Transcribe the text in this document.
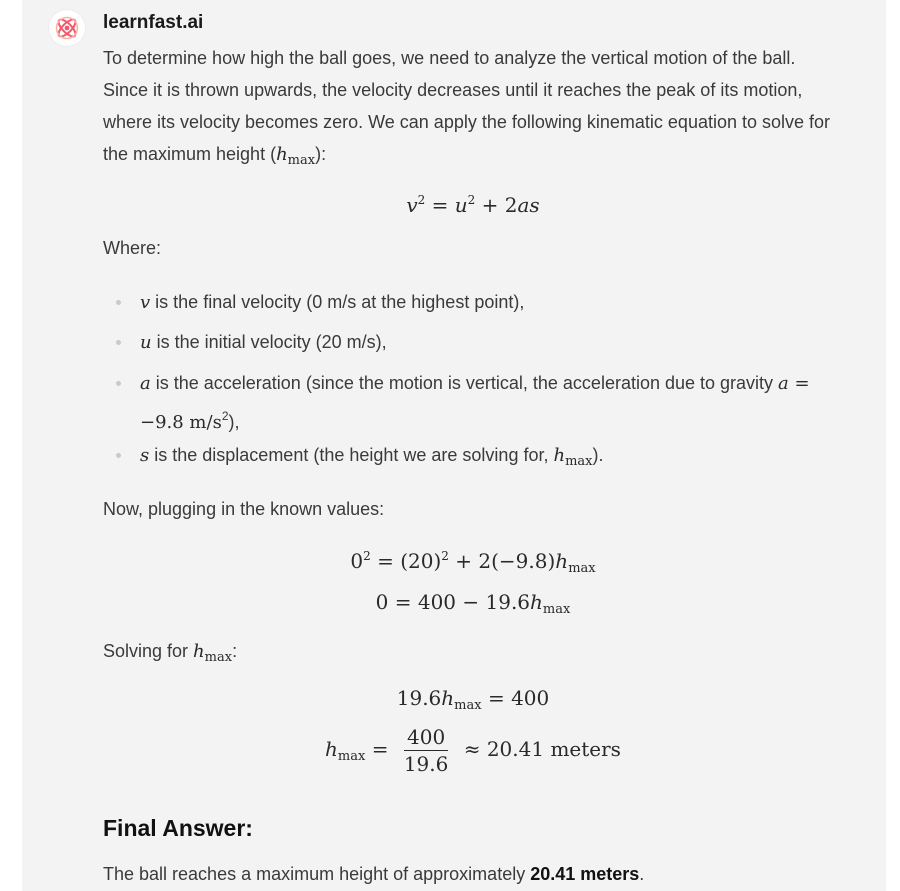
learnfast.ai

To determine how high the ball goes, we need to analyze the vertical motion of the ball. Since it is thrown upwards, the velocity decreases until it reaches the peak of its motion, where its velocity becomes zero. We can apply the following kinematic equation to solve for the maximum height $(h_{max})$:

$v^2 = u^2 + 2as$

Where:

v is the final velocity (0 m/s at the highest point),
u is the initial velocity (20 m/s),
a is the acceleration (since the motion is vertical, the acceleration due to gravity a = −9.8 $m/s^2$),
s is the displacement (the height we are solving for, $h_{max}$).

Now, plugging in the known values:

$0^2 = (20)^2 + 2(-9.8)h_{max}$
$0 = 400 - 19.6h_{max}$

Solving for $h_{max}$:

$19.6h_{max} = 400$
$h_{max} = \frac{400}{19.6} \approx 20.41$ meters
Final Answer:

The ball reaches a maximum height of approximately 20.41 meters.
